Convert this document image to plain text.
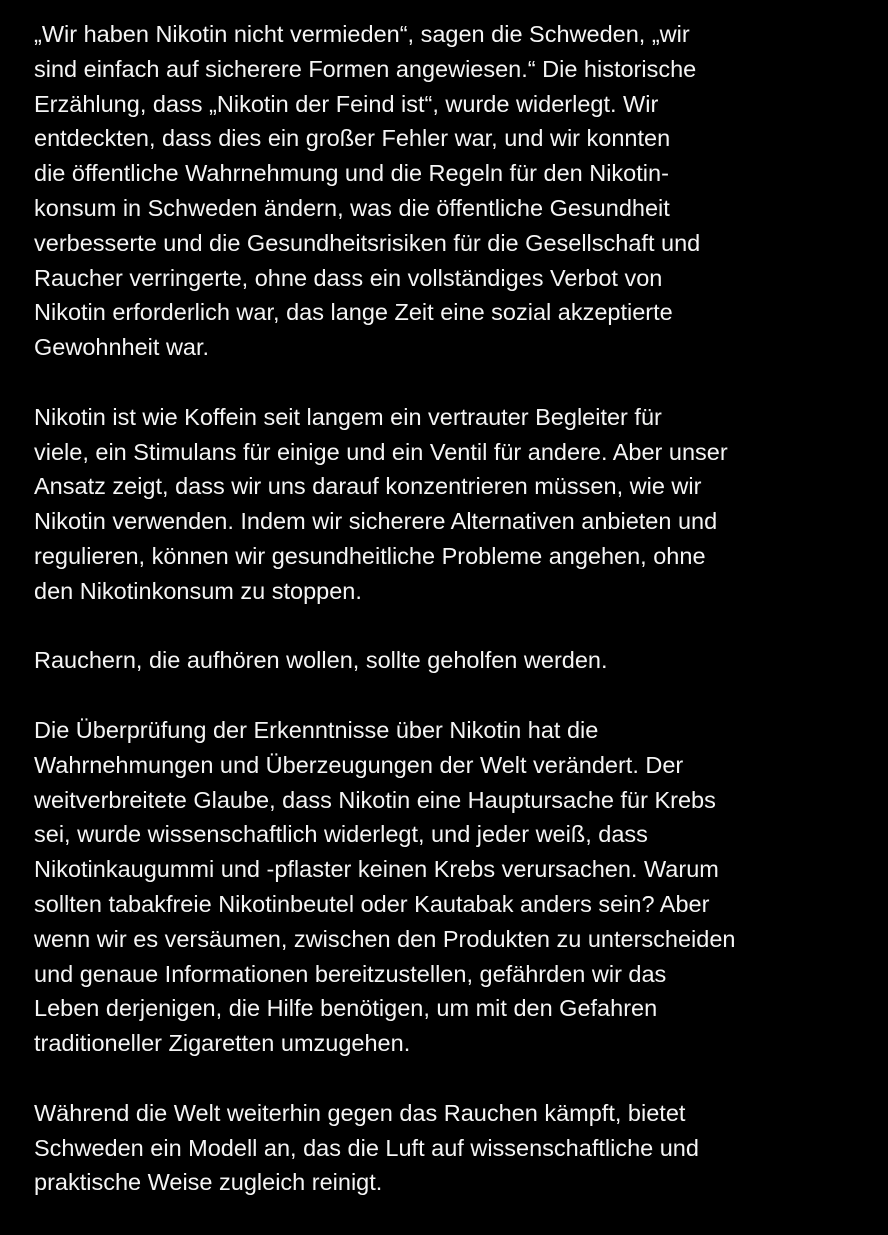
„Wir haben Nikotin nicht vermieden“, sagen die Schweden, „wir
sind einfach auf sicherere Formen angewiesen.“ Die historische
Erzählung, dass „Nikotin der Feind ist“, wurde widerlegt. Wir
entdeckten, dass dies ein großer Fehler war, und wir konnten
die öffentliche Wahrnehmung und die Regeln für den Nikotin-
konsum in Schweden ändern, was die öffentliche Gesundheit
verbesserte und die Gesundheitsrisiken für die Gesellschaft und
Raucher verringerte, ohne dass ein vollständiges Verbot von
Nikotin erforderlich war, das lange Zeit eine sozial akzeptierte
Gewohnheit war.

Nikotin ist wie Koffein seit langem ein vertrauter Begleiter für
viele, ein Stimulans für einige und ein Ventil für andere. Aber unser
Ansatz zeigt, dass wir uns darauf konzentrieren müssen, wie wir
Nikotin verwenden. Indem wir sicherere Alternativen anbieten und
regulieren, können wir gesundheitliche Probleme angehen, ohne
den Nikotinkonsum zu stoppen.

Rauchern, die aufhören wollen, sollte geholfen werden.

Die Überprüfung der Erkenntnisse über Nikotin hat die
Wahrnehmungen und Überzeugungen der Welt verändert. Der
weitverbreitete Glaube, dass Nikotin eine Hauptursache für Krebs
sei, wurde wissenschaftlich widerlegt, und jeder weiß, dass
Nikotinkaugummi und -pflaster keinen Krebs verursachen. Warum
sollten tabakfreie Nikotinbeutel oder Kautabak anders sein? Aber
wenn wir es versäumen, zwischen den Produkten zu unterscheiden
und genaue Informationen bereitzustellen, gefährden wir das
Leben derjenigen, die Hilfe benötigen, um mit den Gefahren
traditioneller Zigaretten umzugehen.

Während die Welt weiterhin gegen das Rauchen kämpft, bietet
Schweden ein Modell an, das die Luft auf wissenschaftliche und
praktische Weise zugleich reinigt.
